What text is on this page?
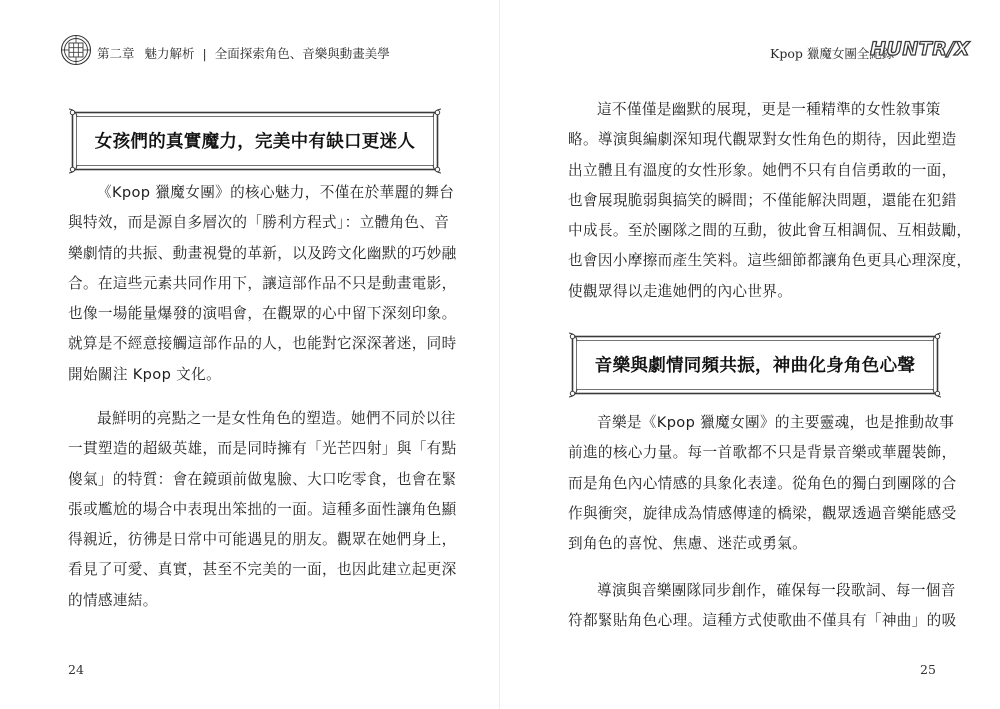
第二章 魅力解析 | 全面探索角色、音樂與動畫美學
女孩們的真實魔力，完美中有缺口更迷人
《Kpop 獵魔女團》的核心魅力，不僅在於華麗的舞台
與特效，而是源自多層次的「勝利方程式」：立體角色、音
樂劇情的共振、動畫視覺的革新，以及跨文化幽默的巧妙融
合。在這些元素共同作用下，讓這部作品不只是動畫電影，
也像一場能量爆發的演唱會，在觀眾的心中留下深刻印象。
就算是不經意接觸這部作品的人，也能對它深深著迷，同時
開始關注 Kpop 文化。
最鮮明的亮點之一是女性角色的塑造。她們不同於以往
一貫塑造的超級英雄，而是同時擁有「光芒四射」與「有點
傻氣」的特質：會在鏡頭前做鬼臉、大口吃零食，也會在緊
張或尷尬的場合中表現出笨拙的一面。這種多面性讓角色顯
得親近，彷彿是日常中可能遇見的朋友。觀眾在她們身上，
看見了可愛、真實，甚至不完美的一面，也因此建立起更深
的情感連結。
24
Kpop 獵魔女團全紀錄
HUNTR/X
這不僅僅是幽默的展現，更是一種精準的女性敘事策
略。導演與編劇深知現代觀眾對女性角色的期待，因此塑造
出立體且有溫度的女性形象。她們不只有自信勇敢的一面，
也會展現脆弱與搞笑的瞬間；不僅能解決問題，還能在犯錯
中成長。至於團隊之間的互動，彼此會互相調侃、互相鼓勵，
也會因小摩擦而產生笑料。這些細節都讓角色更具心理深度，
使觀眾得以走進她們的內心世界。
音樂與劇情同頻共振，神曲化身角色心聲
音樂是《Kpop 獵魔女團》的主要靈魂，也是推動故事
前進的核心力量。每一首歌都不只是背景音樂或華麗裝飾，
而是角色內心情感的具象化表達。從角色的獨白到團隊的合
作與衝突，旋律成為情感傳達的橋梁，觀眾透過音樂能感受
到角色的喜悅、焦慮、迷茫或勇氣。
導演與音樂團隊同步創作，確保每一段歌詞、每一個音
符都緊貼角色心理。這種方式使歌曲不僅具有「神曲」的吸
25
